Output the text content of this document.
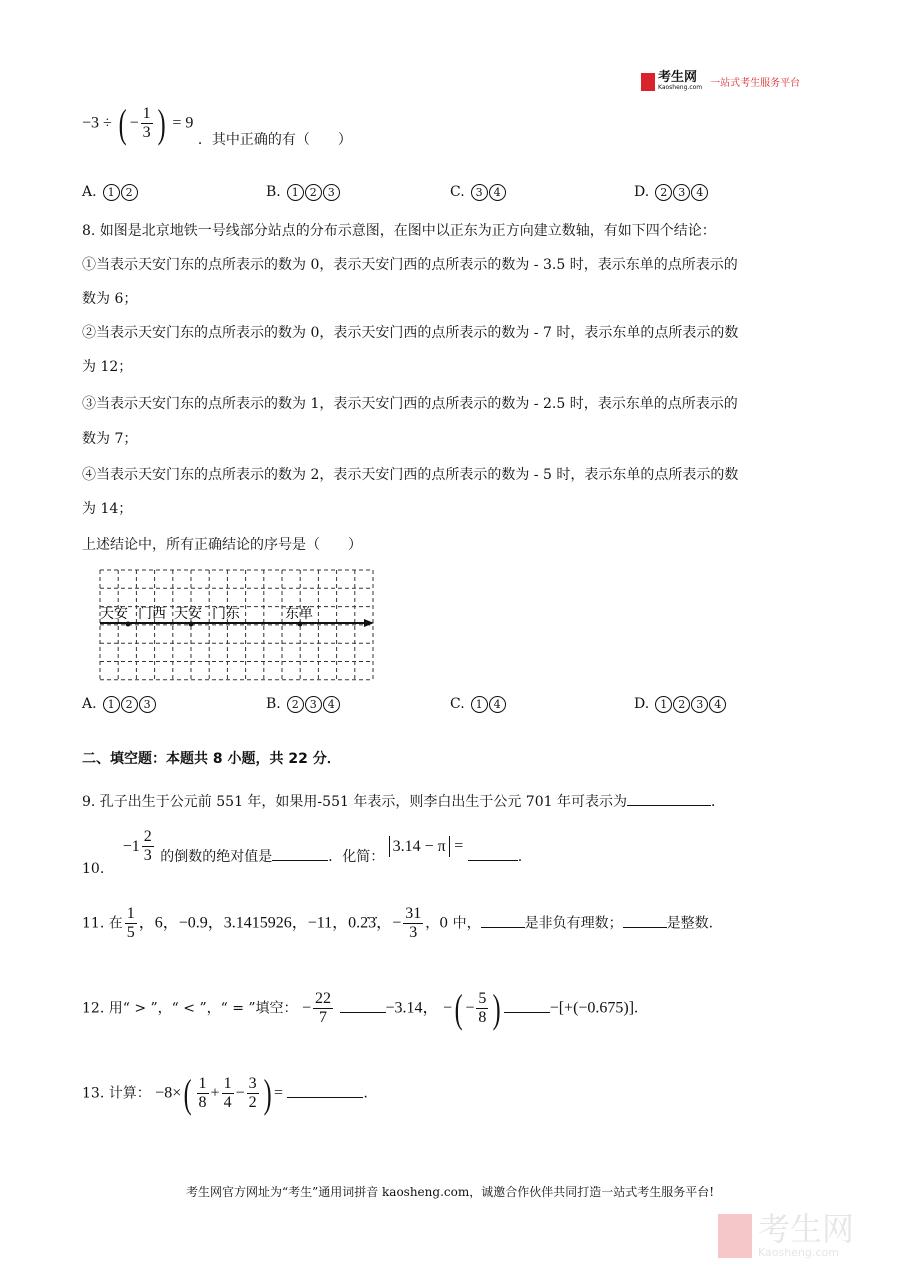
考生网
Kaosheng.com 一站式考生服务平台
−3 ÷ ( − $\frac{1}{3}$ ) = 9 ．其中正确的有（　　）
A. 1 2	B. 1 2 3	C. 3 4	D. 2 3 4
8. 如图是北京地铁一号线部分站点的分布示意图，在图中以正东为正方向建立数轴，有如下四个结论：
①当表示天安门东的点所表示的数为 0，表示天安门西的点所表示的数为 - 3.5 时，表示东单的点所表示的
数为 6；
②当表示天安门东的点所表示的数为 0，表示天安门西的点所表示的数为 - 7 时，表示东单的点所表示的数
为 12；
③当表示天安门东的点所表示的数为 1，表示天安门西的点所表示的数为 - 2.5 时，表示东单的点所表示的
数为 7；
④当表示天安门东的点所表示的数为 2，表示天安门西的点所表示的数为 - 5 时，表示东单的点所表示的数
为 14；
上述结论中，所有正确结论的序号是（　　）
天安 门西 天安 门东	东单
A. 1 2 3	B. 2 3 4	C. 1 4	D. 1 2 3 4
二、填空题：本题共 8 小题，共 22 分．
9. 孔子出生于公元前 551 年，如果用-551 年表示，则李白出生于公元 701 年可表示为	．
10. $-1 \frac{2}{3}$ 的倒数的绝对值是	．化简： 3.14 − π = .
11. 在 $\frac{1}{5}$ ，6，−0.9，3.1415926，−11，0.2̇3̇，− $\frac{31}{3}$ ，0 中，	是非负有理数；	是整数.
12. 用“ > ”，“ < ”，“ = ”填空： − $\frac{22}{7}$	−3.14， −( − $\frac{5}{8}$ )	−[+(−0.675)].
13. 计算： $-8\times( \frac{1}{8} + \frac{1}{4} - \frac{3}{2}$ ) =	.
考生网官方网址为“考生”通用词拼音 kaosheng.com，诚邀合作伙伴共同打造一站式考生服务平台!
考生网
Kaosheng.com
